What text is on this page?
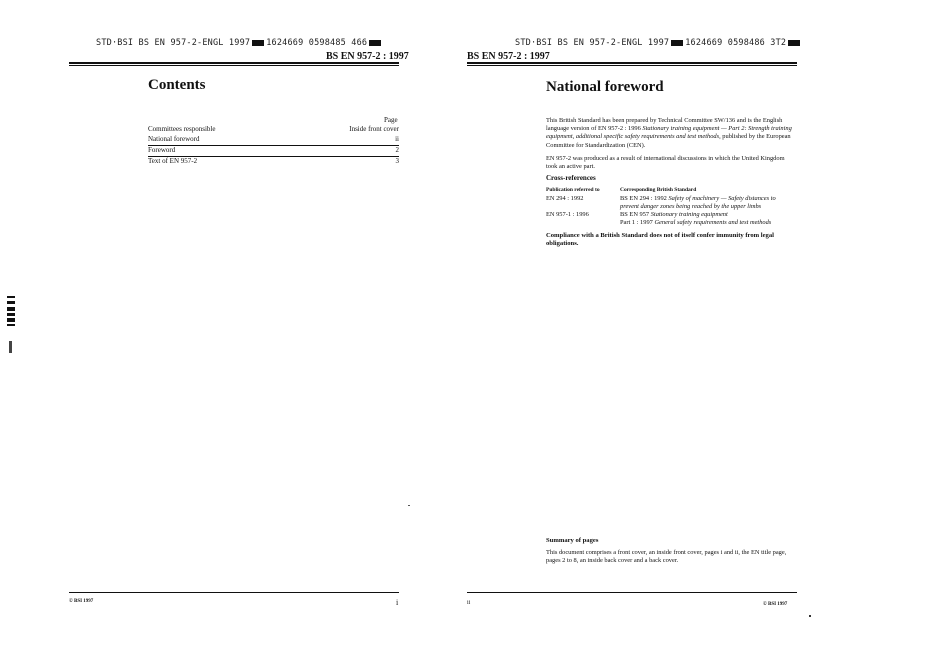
STD·BSI BS EN 957-2-ENGL 1997 1624669 0598485 466
BS EN 957-2 : 1997
Contents
Page
Committees responsible	Inside front cover
National foreword	ii
Foreword	2
Text of EN 957-2	3
© BSI 1997	i
STD·BSI BS EN 957-2-ENGL 1997 1624669 0598486 3T2
BS EN 957-2 : 1997
National foreword
This British Standard has been prepared by Technical Committee SW/136 and is the English language version of EN 957-2 : 1996 Stationary training equipment — Part 2: Strength training equipment, additional specific safety requirements and test methods, published by the European Committee for Standardization (CEN).
EN 957-2 was produced as a result of international discussions in which the United Kingdom took an active part.
Cross-references
Publication referred to	Corresponding British Standard
EN 294 : 1992	BS EN 294 : 1992 Safety of machinery — Safety distances to prevent danger zones being reached by the upper limbs
EN 957-1 : 1996	BS EN 957 Stationary training equipment
Part 1 : 1997 General safety requirements and test methods
Compliance with a British Standard does not of itself confer immunity from legal obligations.
Summary of pages
This document comprises a front cover, an inside front cover, pages i and ii, the EN title page, pages 2 to 8, an inside back cover and a back cover.
ii	© BSI 1997
